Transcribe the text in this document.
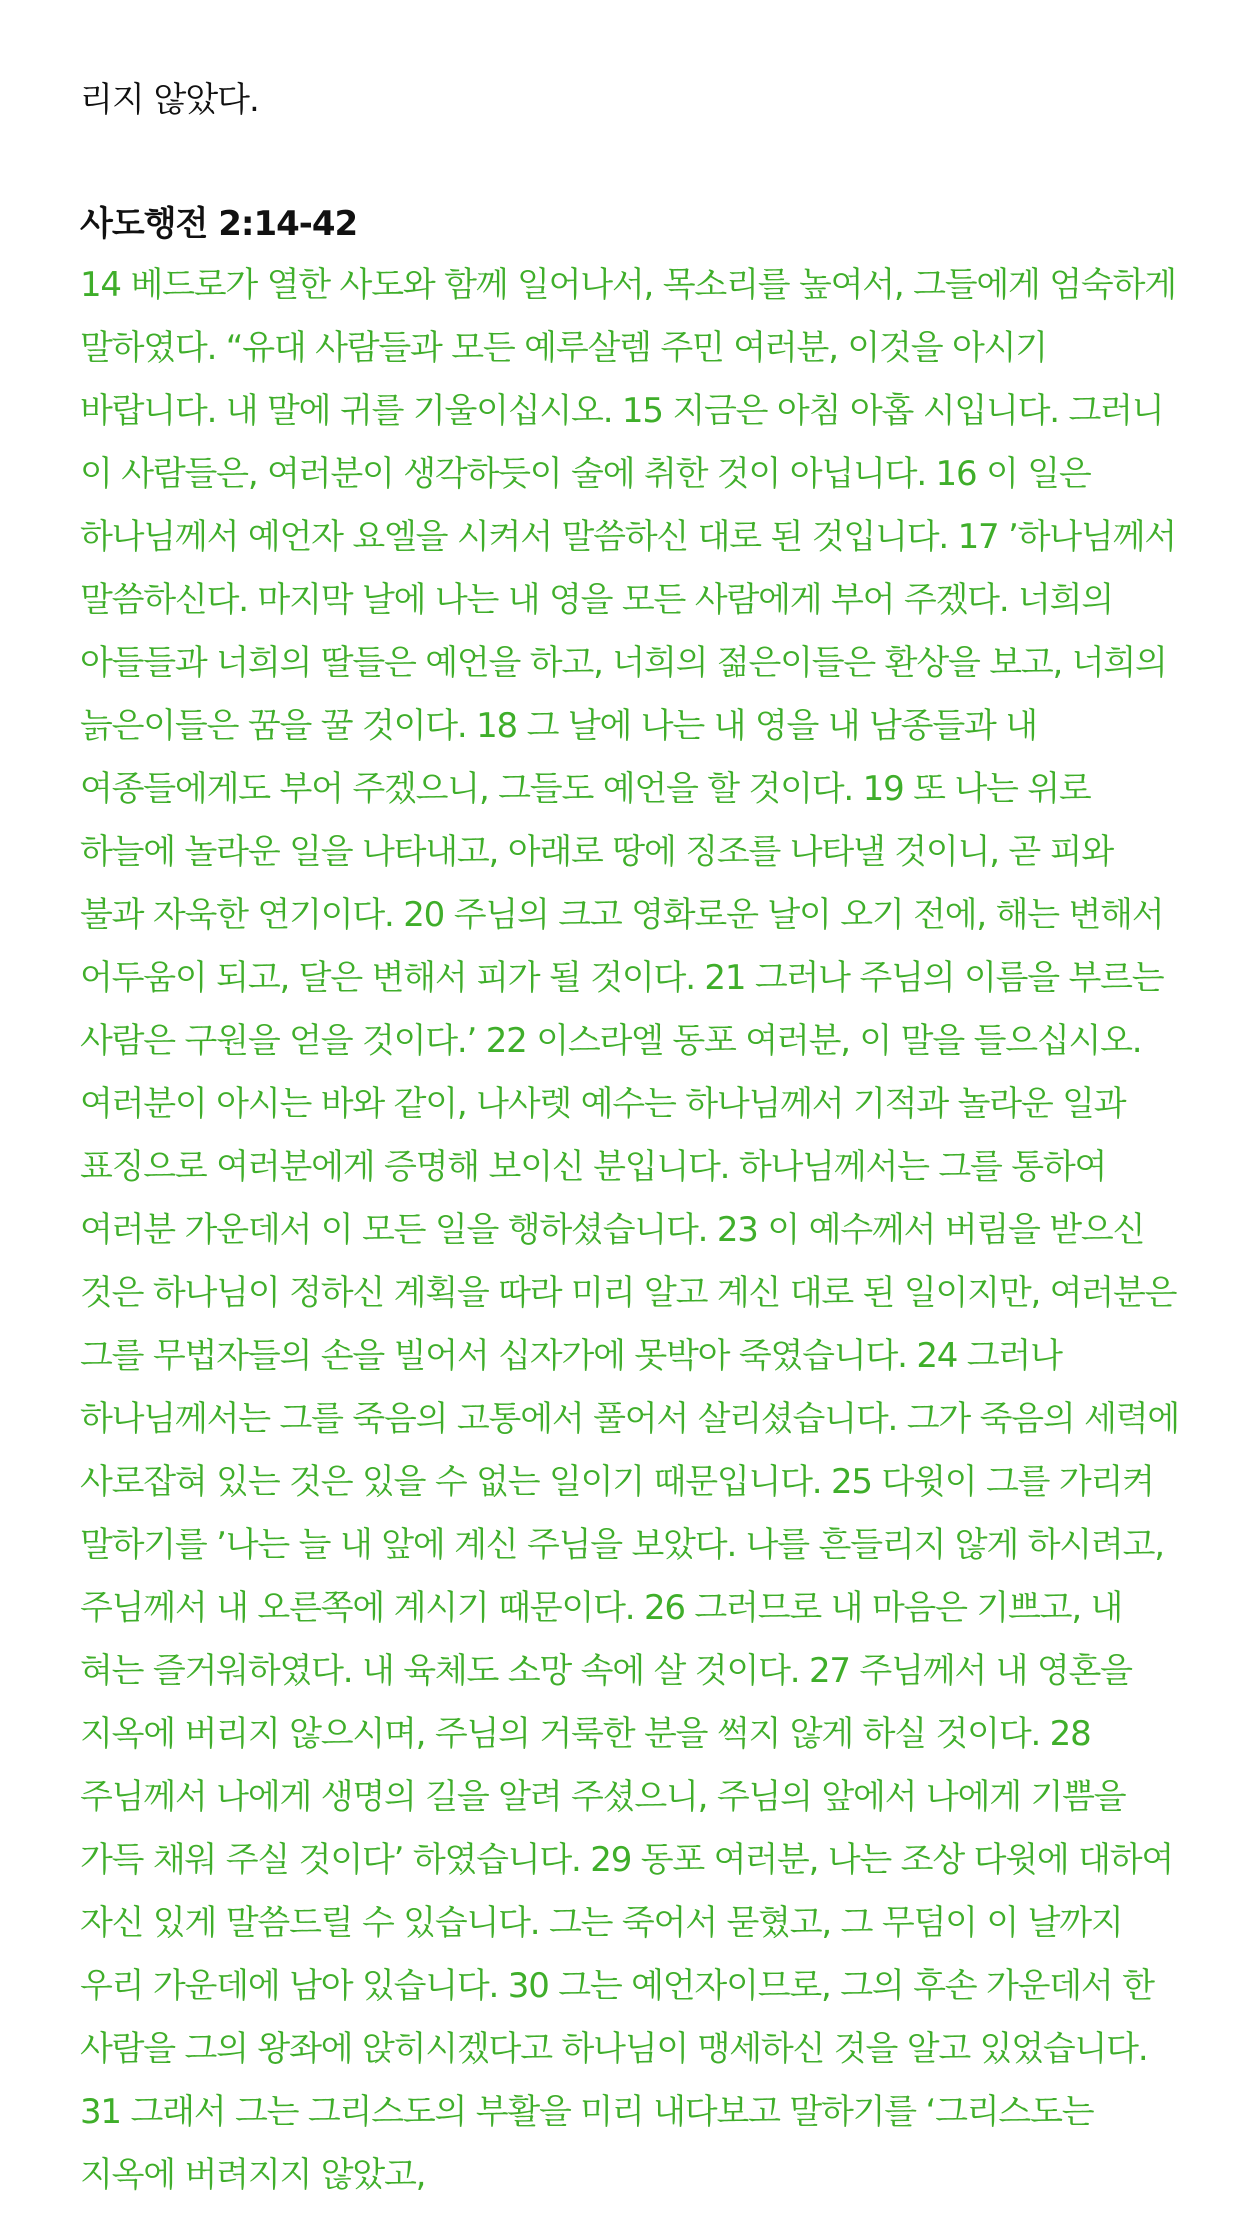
리지 않았다.

사도행전 2:14-42

14 베드로가 열한 사도와 함께 일어나서, 목소리를 높여서, 그들에게 엄숙하게 말하였다. “유대 사람들과 모든 예루살렘 주민 여러분, 이것을 아시기 바랍니다. 내 말에 귀를 기울이십시오. 15 지금은 아침 아홉 시입니다. 그러니 이 사람들은, 여러분이 생각하듯이 술에 취한 것이 아닙니다. 16 이 일은 하나님께서 예언자 요엘을 시켜서 말씀하신 대로 된 것입니다. 17 ’하나님께서 말씀하신다. 마지막 날에 나는 내 영을 모든 사람에게 부어 주겠다. 너희의 아들들과 너희의 딸들은 예언을 하고, 너희의 젊은이들은 환상을 보고, 너희의 늙은이들은 꿈을 꿀 것이다. 18 그 날에 나는 내 영을 내 남종들과 내 여종들에게도 부어 주겠으니, 그들도 예언을 할 것이다. 19 또 나는 위로 하늘에 놀라운 일을 나타내고, 아래로 땅에 징조를 나타낼 것이니, 곧 피와 불과 자욱한 연기이다. 20 주님의 크고 영화로운 날이 오기 전에, 해는 변해서 어두움이 되고, 달은 변해서 피가 될 것이다. 21 그러나 주님의 이름을 부르는 사람은 구원을 얻을 것이다.’ 22 이스라엘 동포 여러분, 이 말을 들으십시오. 여러분이 아시는 바와 같이, 나사렛 예수는 하나님께서 기적과 놀라운 일과 표징으로 여러분에게 증명해 보이신 분입니다. 하나님께서는 그를 통하여 여러분 가운데서 이 모든 일을 행하셨습니다. 23 이 예수께서 버림을 받으신 것은 하나님이 정하신 계획을 따라 미리 알고 계신 대로 된 일이지만, 여러분은 그를 무법자들의 손을 빌어서 십자가에 못박아 죽였습니다. 24 그러나 하나님께서는 그를 죽음의 고통에서 풀어서 살리셨습니다. 그가 죽음의 세력에 사로잡혀 있는 것은 있을 수 없는 일이기 때문입니다. 25 다윗이 그를 가리켜 말하기를 ’나는 늘 내 앞에 계신 주님을 보았다. 나를 흔들리지 않게 하시려고, 주님께서 내 오른쪽에 계시기 때문이다. 26 그러므로 내 마음은 기쁘고, 내 혀는 즐거워하였다. 내 육체도 소망 속에 살 것이다. 27 주님께서 내 영혼을 지옥에 버리지 않으시며, 주님의 거룩한 분을 썩지 않게 하실 것이다. 28 주님께서 나에게 생명의 길을 알려 주셨으니, 주님의 앞에서 나에게 기쁨을 가득 채워 주실 것이다’ 하였습니다. 29 동포 여러분, 나는 조상 다윗에 대하여 자신 있게 말씀드릴 수 있습니다. 그는 죽어서 묻혔고, 그 무덤이 이 날까지 우리 가운데에 남아 있습니다. 30 그는 예언자이므로, 그의 후손 가운데서 한 사람을 그의 왕좌에 앉히시겠다고 하나님이 맹세하신 것을 알고 있었습니다. 31 그래서 그는 그리스도의 부활을 미리 내다보고 말하기를 ‘그리스도는 지옥에 버려지지 않았고,
